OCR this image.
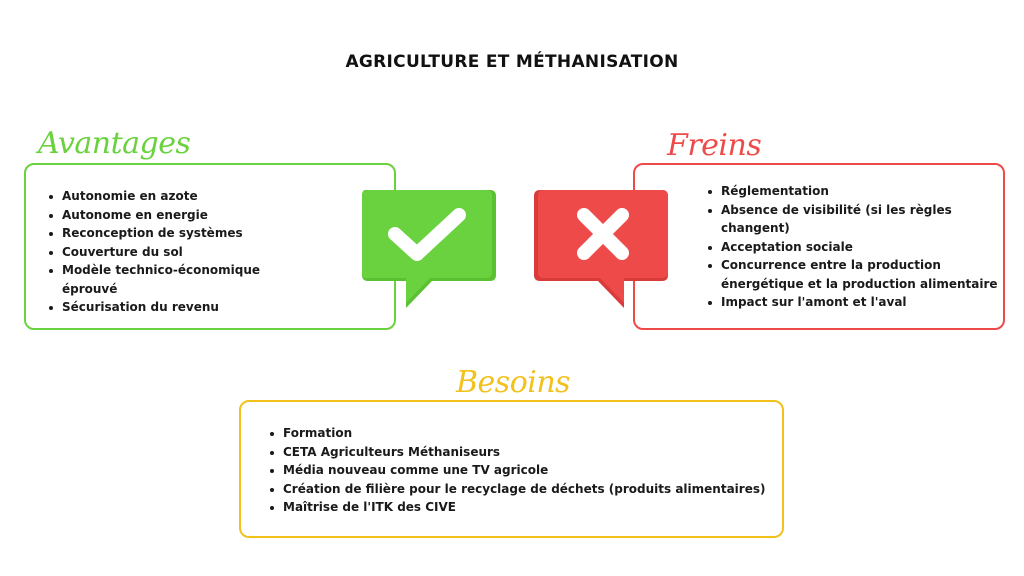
AGRICULTURE ET MÉTHANISATION
Avantages
Autonomie en azote
Autonome en energie
Reconception de systèmes
Couverture du sol
Modèle technico-économique éprouvé
Sécurisation du revenu
Freins
Réglementation
Absence de visibilité (si les règles changent)
Acceptation sociale
Concurrence entre la production énergétique et la production alimentaire
Impact sur l'amont et l'aval
Besoins
Formation
CETA Agriculteurs Méthaniseurs
Média nouveau comme une TV agricole
Création de filière pour le recyclage de déchets (produits alimentaires)
Maîtrise de l'ITK des CIVE
